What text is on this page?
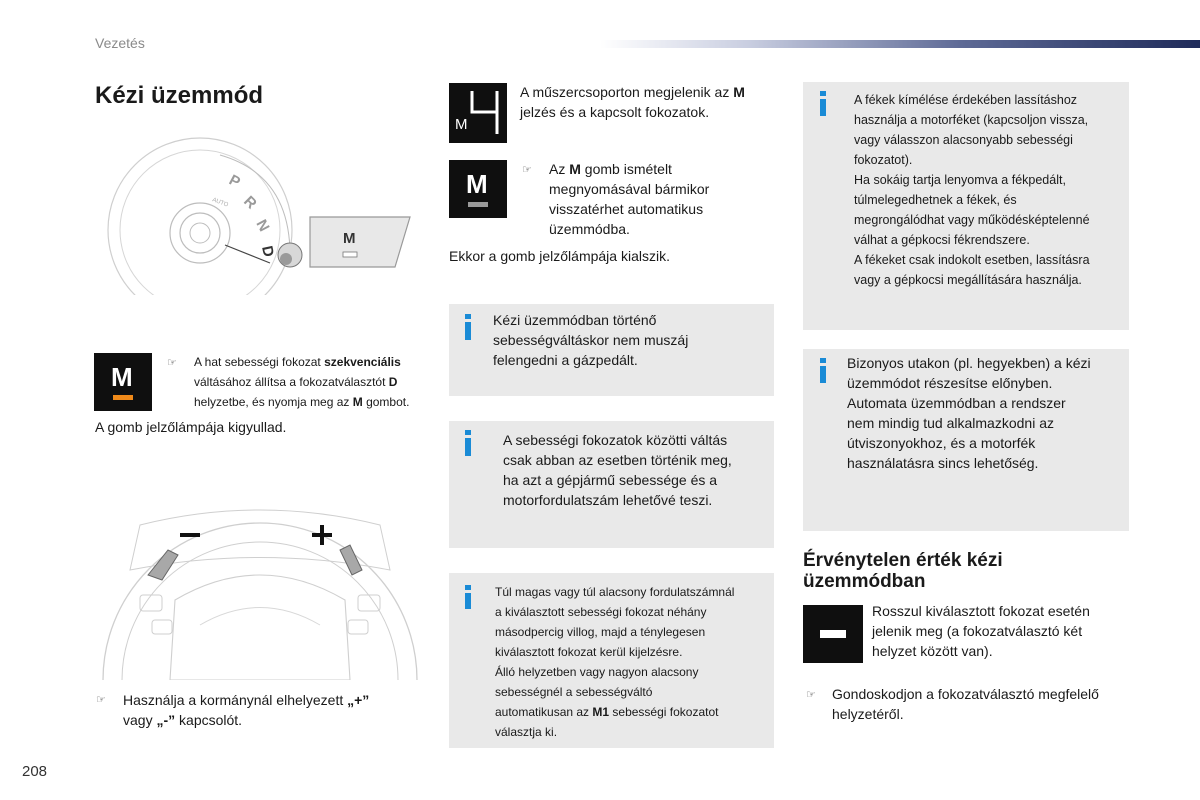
Vezetés
208
Kézi üzemmód
P
R
N
D
AUTO
M
M	☞ A hat sebességi fokozat szekvenciális
váltásához állítsa a fokozatválasztót D
helyzetbe, és nyomja meg az M gombot.
A gomb jelzőlámpája kigyullad.
☞ Használja a kormánynál elhelyezett „+”
vagy „-” kapcsolót.
M
A műszercsoporton megjelenik az M
jelzés és a kapcsolt fokozatok.
M	☞ Az M gomb ismételt
megnyomásával bármikor
visszatérhet automatikus
üzemmódba.
Ekkor a gomb jelzőlámpája kialszik.
Kézi üzemmódban történő
sebességváltáskor nem muszáj
felengedni a gázpedált.
A sebességi fokozatok közötti váltás
csak abban az esetben történik meg,
ha azt a gépjármű sebessége és a
motorfordulatszám lehetővé teszi.
Túl magas vagy túl alacsony fordulatszámnál
a kiválasztott sebességi fokozat néhány
másodpercig villog, majd a ténylegesen
kiválasztott fokozat kerül kijelzésre.
Álló helyzetben vagy nagyon alacsony
sebességnél a sebességváltó
automatikusan az M1 sebességi fokozatot
választja ki.
A fékek kímélése érdekében lassításhoz
használja a motorféket (kapcsoljon vissza,
vagy válasszon alacsonyabb sebességi
fokozatot).
Ha sokáig tartja lenyomva a fékpedált,
túlmelegedhetnek a fékek, és
megrongálódhat vagy működésképtelenné
válhat a gépkocsi fékrendszere.
A fékeket csak indokolt esetben, lassításra
vagy a gépkocsi megállítására használja.
Bizonyos utakon (pl. hegyekben) a kézi
üzemmódot részesítse előnyben.
Automata üzemmódban a rendszer
nem mindig tud alkalmazkodni az
útviszonyokhoz, és a motorfék
használatásra sincs lehetőség.
Érvénytelen érték kézi
üzemmódban
Rosszul kiválasztott fokozat esetén
jelenik meg (a fokozatválasztó két
helyzet között van).
☞ Gondoskodjon a fokozatválasztó megfelelő
helyzetéről.
